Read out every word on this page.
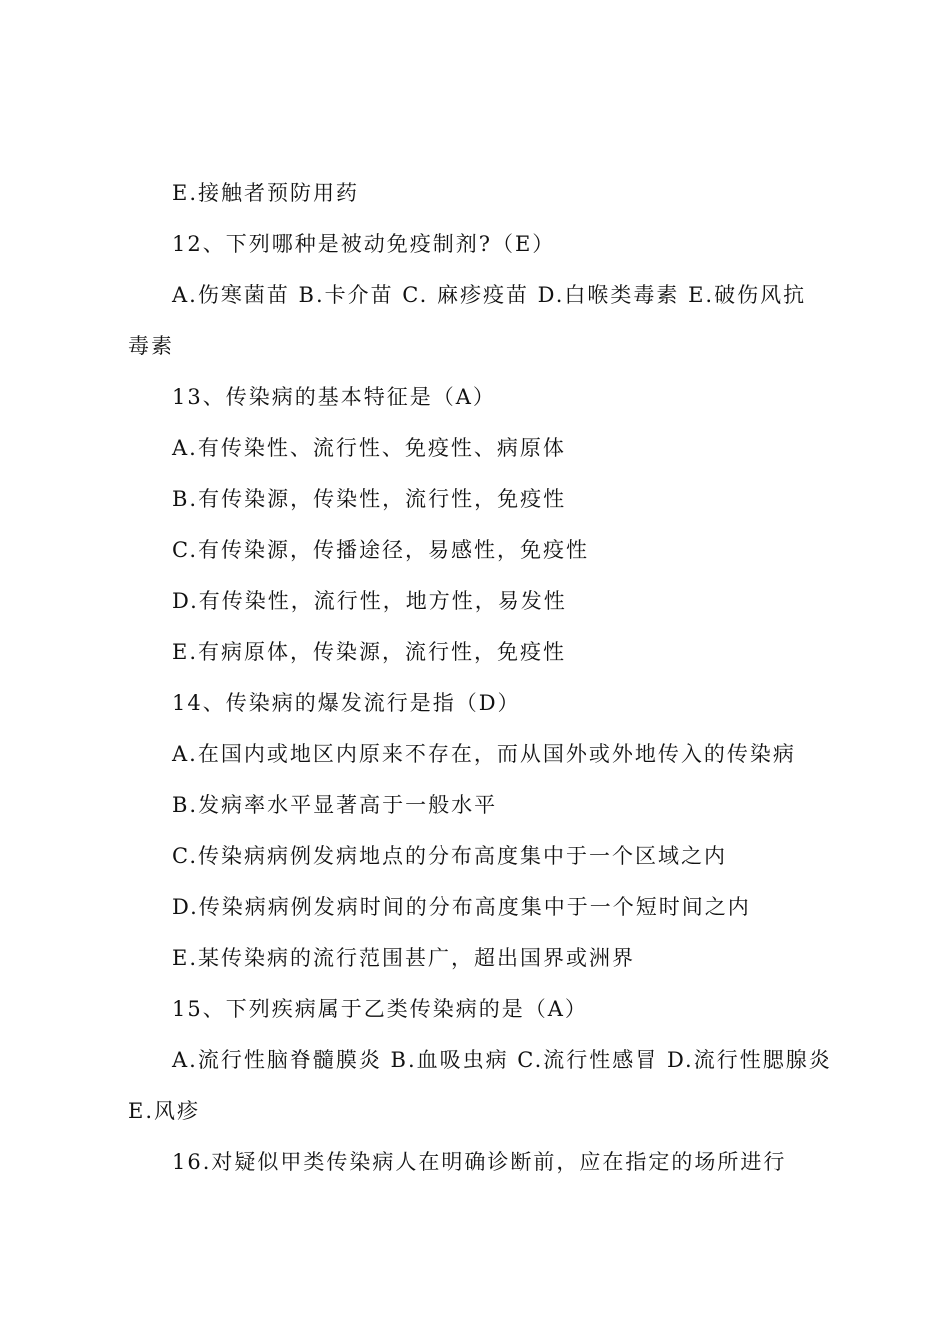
E.接触者预防用药
12、下列哪种是被动免疫制剂?（E）
A.伤寒菌苗 B.卡介苗 C. 麻疹疫苗 D.白喉类毒素 E.破伤风抗
毒素
13、传染病的基本特征是（A）
A.有传染性、流行性、免疫性、病原体
B.有传染源，传染性，流行性，免疫性
C.有传染源，传播途径，易感性，免疫性
D.有传染性，流行性，地方性，易发性
E.有病原体，传染源，流行性，免疫性
14、传染病的爆发流行是指（D）
A.在国内或地区内原来不存在，而从国外或外地传入的传染病
B.发病率水平显著高于一般水平
C.传染病病例发病地点的分布高度集中于一个区域之内
D.传染病病例发病时间的分布高度集中于一个短时间之内
E.某传染病的流行范围甚广，超出国界或洲界
15、下列疾病属于乙类传染病的是（A）
A.流行性脑脊髓膜炎 B.血吸虫病 C.流行性感冒 D.流行性腮腺炎
E.风疹
16.对疑似甲类传染病人在明确诊断前，应在指定的场所进行
